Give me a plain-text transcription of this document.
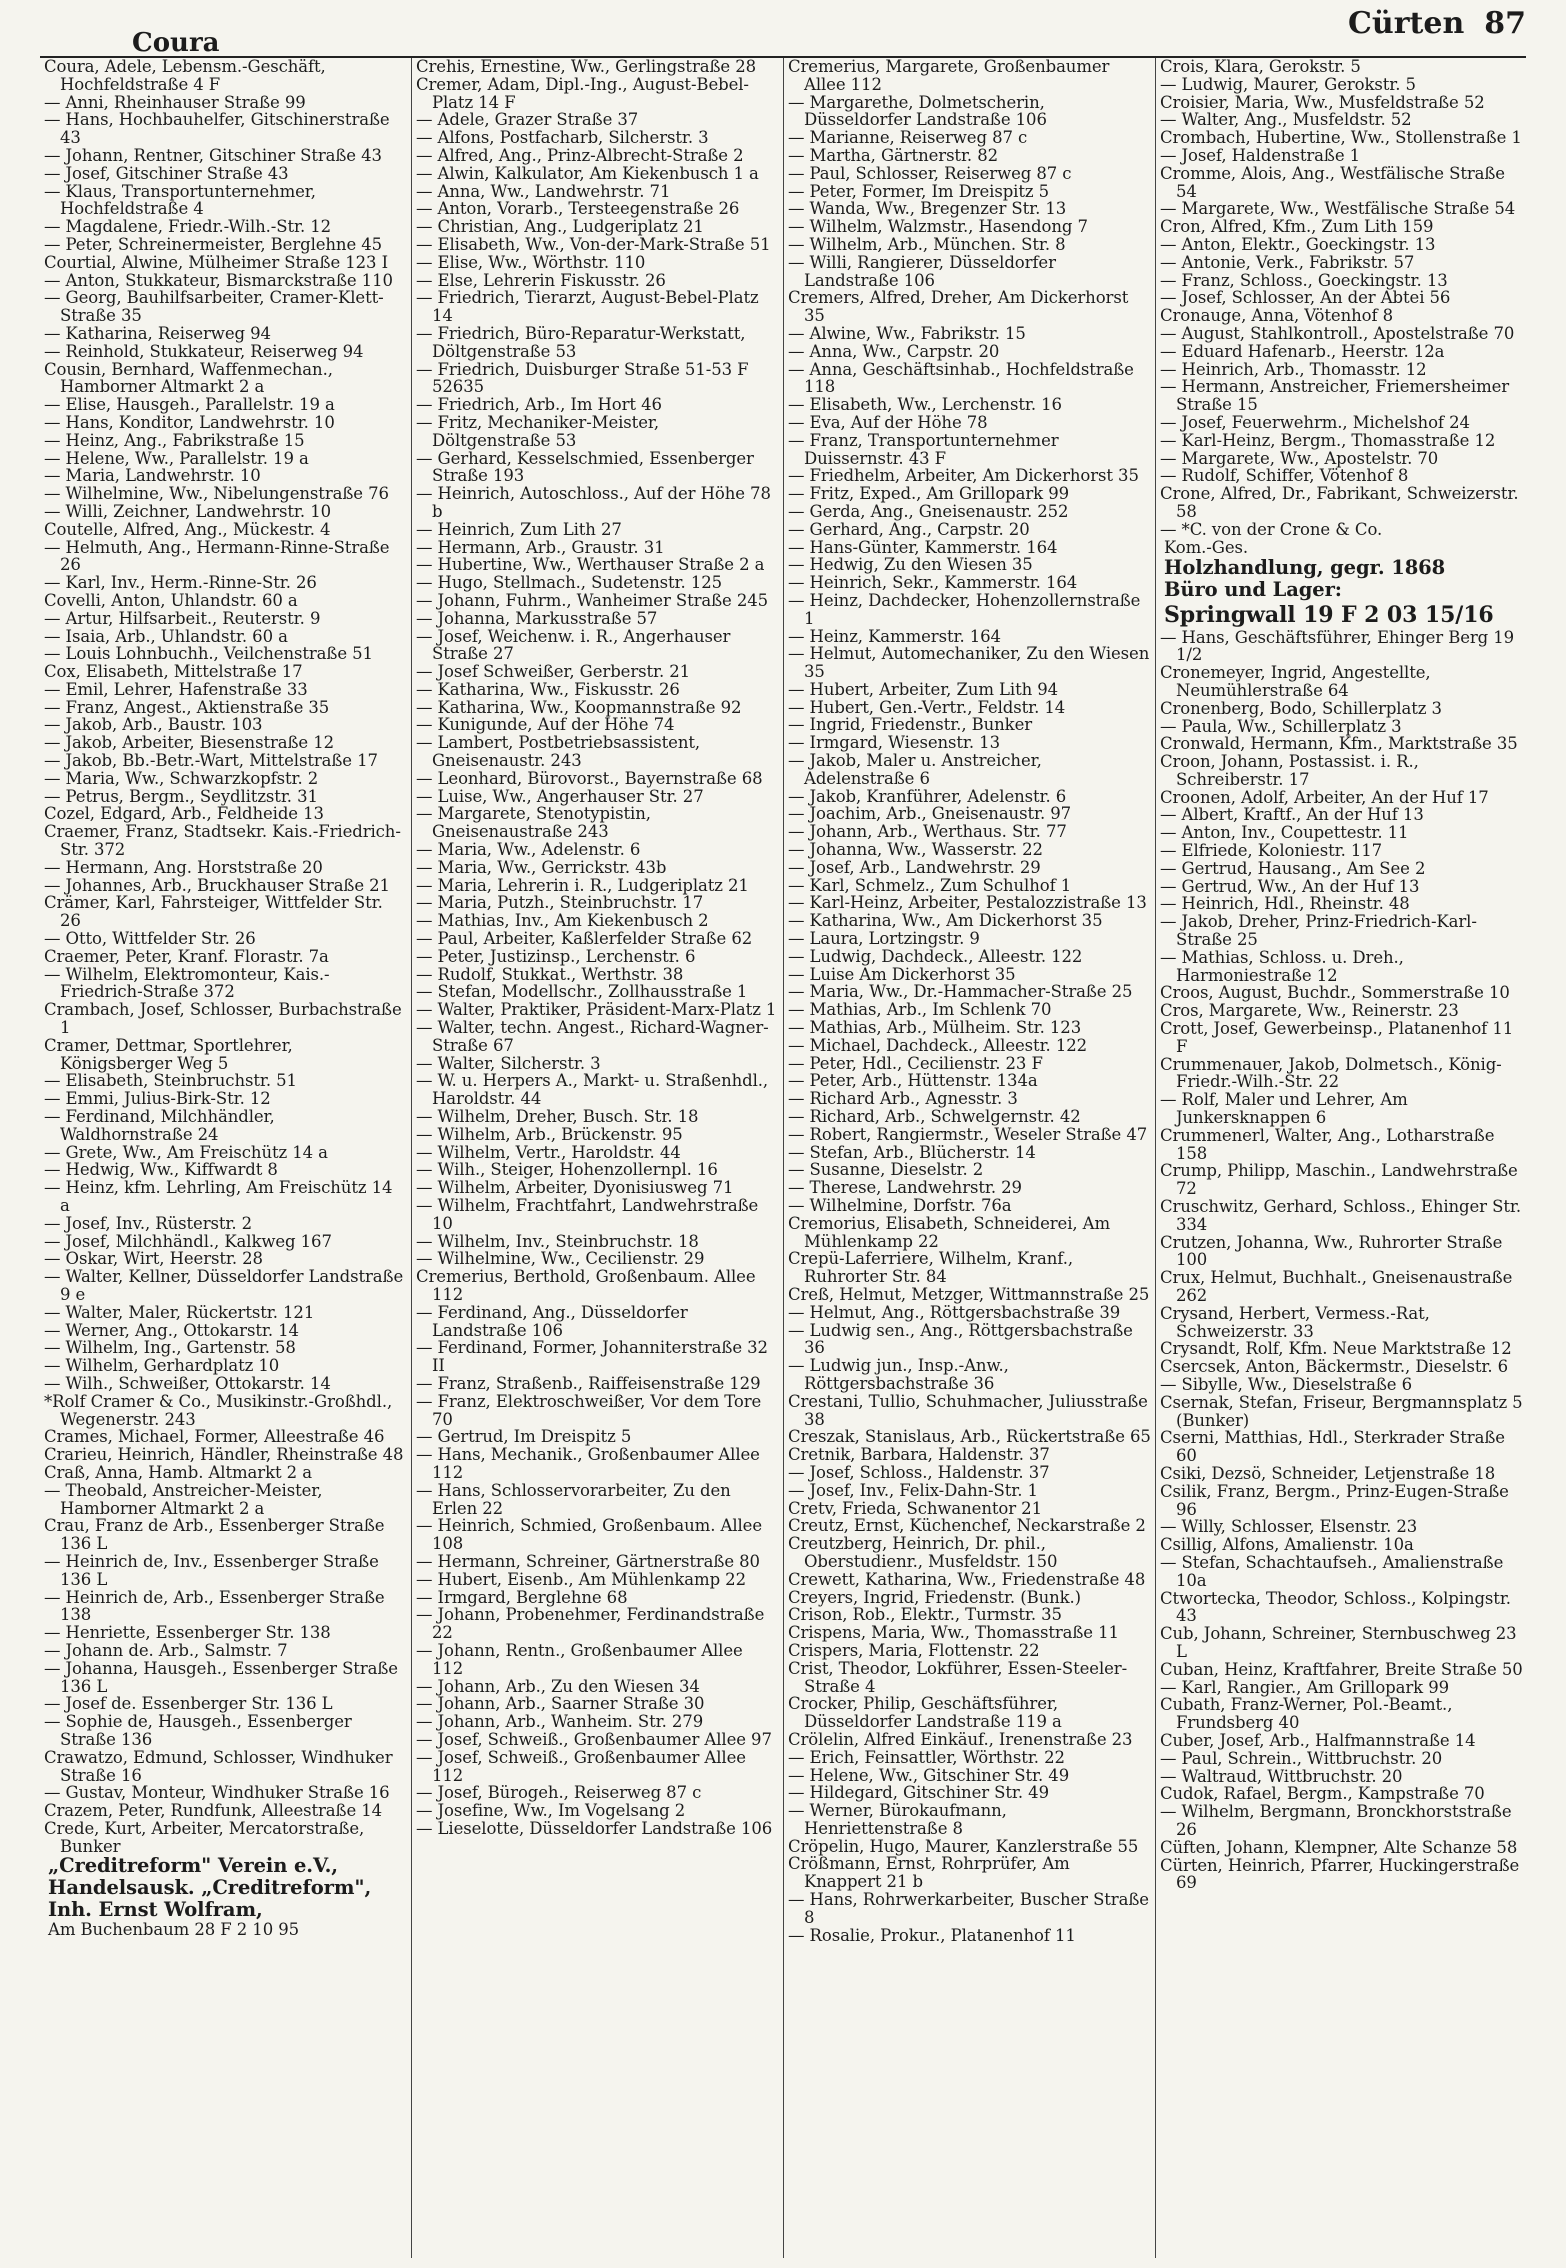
Coura
Cürten 87
Coura, Adele, Lebensm.-Geschäft, Hochfeldstraße 4 F
— Anni, Rheinhauser Straße 99
— Hans, Hochbauhelfer, Gitschinerstraße 43
— Johann, Rentner, Gitschiner Straße 43
— Josef, Gitschiner Straße 43
— Klaus, Transportunternehmer, Hochfeldstraße 4
— Magdalene, Friedr.-Wilh.-Str. 12
— Peter, Schreinermeister, Berglehne 45
Courtial, Alwine, Mülheimer Straße 123 I
— Anton, Stukkateur, Bismarckstraße 110
— Georg, Bauhilfsarbeiter, Cramer-Klett-Straße 35
— Katharina, Reiserweg 94
— Reinhold, Stukkateur, Reiserweg 94
Cousin, Bernhard, Waffenmechan., Hamborner Altmarkt 2 a
— Elise, Hausgeh., Parallelstr. 19 a
— Hans, Konditor, Landwehrstr. 10
— Heinz, Ang., Fabrikstraße 15
— Helene, Ww., Parallelstr. 19 a
— Maria, Landwehrstr. 10
— Wilhelmine, Ww., Nibelungenstraße 76
— Willi, Zeichner, Landwehrstr. 10
Coutelle, Alfred, Ang., Mückestr. 4
— Helmuth, Ang., Hermann-Rinne-Straße 26
— Karl, Inv., Herm.-Rinne-Str. 26
Covelli, Anton, Uhlandstr. 60 a
— Artur, Hilfsarbeit., Reuterstr. 9
— Isaia, Arb., Uhlandstr. 60 a
— Louis Lohnbuchh., Veilchenstraße 51
Cox, Elisabeth, Mittelstraße 17
— Emil, Lehrer, Hafenstraße 33
— Franz, Angest., Aktienstraße 35
— Jakob, Arb., Baustr. 103
— Jakob, Arbeiter, Biesenstraße 12
— Jakob, Bb.-Betr.-Wart, Mittelstraße 17
— Maria, Ww., Schwarzkopfstr. 2
— Petrus, Bergm., Seydlitzstr. 31
Cozel, Edgard, Arb., Feldheide 13
Craemer, Franz, Stadtsekr. Kais.-Friedrich-Str. 372
— Hermann, Ang. Horststraße 20
— Johannes, Arb., Bruckhauser Straße 21
Crämer, Karl, Fahrsteiger, Wittfelder Str. 26
— Otto, Wittfelder Str. 26
Craemer, Peter, Kranf. Florastr. 7a
— Wilhelm, Elektromonteur, Kais.-Friedrich-Straße 372
Crambach, Josef, Schlosser, Burbachstraße 1
Cramer, Dettmar, Sportlehrer, Königsberger Weg 5
— Elisabeth, Steinbruchstr. 51
— Emmi, Julius-Birk-Str. 12
— Ferdinand, Milchhändler, Waldhornstraße 24
— Grete, Ww., Am Freischütz 14 a
— Hedwig, Ww., Kiffwardt 8
— Heinz, kfm. Lehrling, Am Freischütz 14 a
— Josef, Inv., Rüsterstr. 2
— Josef, Milchhändl., Kalkweg 167
— Oskar, Wirt, Heerstr. 28
— Walter, Kellner, Düsseldorfer Landstraße 9 e
— Walter, Maler, Rückertstr. 121
— Werner, Ang., Ottokarstr. 14
— Wilhelm, Ing., Gartenstr. 58
— Wilhelm, Gerhardplatz 10
— Wilh., Schweißer, Ottokarstr. 14
*Rolf Cramer & Co., Musikinstr.-Großhdl., Wegenerstr. 243
Crames, Michael, Former, Alleestraße 46
Crarieu, Heinrich, Händler, Rheinstraße 48
Craß, Anna, Hamb. Altmarkt 2 a
— Theobald, Anstreicher-Meister, Hamborner Altmarkt 2 a
Crau, Franz de Arb., Essenberger Straße 136 L
— Heinrich de, Inv., Essenberger Straße 136 L
— Heinrich de, Arb., Essenberger Straße 138
— Henriette, Essenberger Str. 138
— Johann de. Arb., Salmstr. 7
— Johanna, Hausgeh., Essenberger Straße 136 L
— Josef de. Essenberger Str. 136 L
— Sophie de, Hausgeh., Essenberger Straße 136
Crawatzo, Edmund, Schlosser, Windhuker Straße 16
— Gustav, Monteur, Windhuker Straße 16
Crazem, Peter, Rundfunk, Alleestraße 14
Crede, Kurt, Arbeiter, Mercatorstraße, Bunker
„Creditreform" Verein e.V.,
Handelsausk. „Creditreform",
Inh. Ernst Wolfram,
Am Buchenbaum 28 F 2 10 95
Crehis, Ernestine, Ww., Gerlingstraße 28
Cremer, Adam, Dipl.-Ing., August-Bebel-Platz 14 F
— Adele, Grazer Straße 37
— Alfons, Postfacharb, Silcherstr. 3
— Alfred, Ang., Prinz-Albrecht-Straße 2
— Alwin, Kalkulator, Am Kiekenbusch 1 a
— Anna, Ww., Landwehrstr. 71
— Anton, Vorarb., Tersteegenstraße 26
— Christian, Ang., Ludgeriplatz 21
— Elisabeth, Ww., Von-der-Mark-Straße 51
— Elise, Ww., Wörthstr. 110
— Else, Lehrerin Fiskusstr. 26
— Friedrich, Tierarzt, August-Bebel-Platz 14
— Friedrich, Büro-Reparatur-Werkstatt, Döltgenstraße 53
— Friedrich, Duisburger Straße 51-53 F 52635
— Friedrich, Arb., Im Hort 46
— Fritz, Mechaniker-Meister, Döltgenstraße 53
— Gerhard, Kesselschmied, Essenberger Straße 193
— Heinrich, Autoschloss., Auf der Höhe 78 b
— Heinrich, Zum Lith 27
— Hermann, Arb., Graustr. 31
— Hubertine, Ww., Werthauser Straße 2 a
— Hugo, Stellmach., Sudetenstr. 125
— Johann, Fuhrm., Wanheimer Straße 245
— Johanna, Markusstraße 57
— Josef, Weichenw. i. R., Angerhauser Straße 27
— Josef Schweißer, Gerberstr. 21
— Katharina, Ww., Fiskusstr. 26
— Katharina, Ww., Koopmannstraße 92
— Kunigunde, Auf der Höhe 74
— Lambert, Postbetriebsassistent, Gneisenaustr. 243
— Leonhard, Bürovorst., Bayernstraße 68
— Luise, Ww., Angerhauser Str. 27
— Margarete, Stenotypistin, Gneisenaustraße 243
— Maria, Ww., Adelenstr. 6
— Maria, Ww., Gerrickstr. 43b
— Maria, Lehrerin i. R., Ludgeriplatz 21
— Maria, Putzh., Steinbruchstr. 17
— Mathias, Inv., Am Kiekenbusch 2
— Paul, Arbeiter, Kaßlerfelder Straße 62
— Peter, Justizinsp., Lerchenstr. 6
— Rudolf, Stukkat., Werthstr. 38
— Stefan, Modellschr., Zollhausstraße 1
— Walter, Praktiker, Präsident-Marx-Platz 1
— Walter, techn. Angest., Richard-Wagner-Straße 67
— Walter, Silcherstr. 3
— W. u. Herpers A., Markt- u. Straßenhdl., Haroldstr. 44
— Wilhelm, Dreher, Busch. Str. 18
— Wilhelm, Arb., Brückenstr. 95
— Wilhelm, Vertr., Haroldstr. 44
— Wilh., Steiger, Hohenzollernpl. 16
— Wilhelm, Arbeiter, Dyonisiusweg 71
— Wilhelm, Frachtfahrt, Landwehrstraße 10
— Wilhelm, Inv., Steinbruchstr. 18
— Wilhelmine, Ww., Cecilienstr. 29
Cremerius, Berthold, Großenbaum. Allee 112
— Ferdinand, Ang., Düsseldorfer Landstraße 106
— Ferdinand, Former, Johanniterstraße 32 II
— Franz, Straßenb., Raiffeisenstraße 129
— Franz, Elektroschweißer, Vor dem Tore 70
— Gertrud, Im Dreispitz 5
— Hans, Mechanik., Großenbaumer Allee 112
— Hans, Schlosservorarbeiter, Zu den Erlen 22
— Heinrich, Schmied, Großenbaum. Allee 108
— Hermann, Schreiner, Gärtnerstraße 80
— Hubert, Eisenb., Am Mühlenkamp 22
— Irmgard, Berglehne 68
— Johann, Probenehmer, Ferdinandstraße 22
— Johann, Rentn., Großenbaumer Allee 112
— Johann, Arb., Zu den Wiesen 34
— Johann, Arb., Saarner Straße 30
— Johann, Arb., Wanheim. Str. 279
— Josef, Schweiß., Großenbaumer Allee 97
— Josef, Schweiß., Großenbaumer Allee 112
— Josef, Bürogeh., Reiserweg 87 c
— Josefine, Ww., Im Vogelsang 2
— Lieselotte, Düsseldorfer Landstraße 106
Cremerius, Margarete, Großenbaumer Allee 112
— Margarethe, Dolmetscherin, Düsseldorfer Landstraße 106
— Marianne, Reiserweg 87 c
— Martha, Gärtnerstr. 82
— Paul, Schlosser, Reiserweg 87 c
— Peter, Former, Im Dreispitz 5
— Wanda, Ww., Bregenzer Str. 13
— Wilhelm, Walzmstr., Hasendong 7
— Wilhelm, Arb., München. Str. 8
— Willi, Rangierer, Düsseldorfer Landstraße 106
Cremers, Alfred, Dreher, Am Dickerhorst 35
— Alwine, Ww., Fabrikstr. 15
— Anna, Ww., Carpstr. 20
— Anna, Geschäftsinhab., Hochfeldstraße 118
— Elisabeth, Ww., Lerchenstr. 16
— Eva, Auf der Höhe 78
— Franz, Transportunternehmer Duissernstr. 43 F
— Friedhelm, Arbeiter, Am Dickerhorst 35
— Fritz, Exped., Am Grillopark 99
— Gerda, Ang., Gneisenaustr. 252
— Gerhard, Ang., Carpstr. 20
— Hans-Günter, Kammerstr. 164
— Hedwig, Zu den Wiesen 35
— Heinrich, Sekr., Kammerstr. 164
— Heinz, Dachdecker, Hohenzollernstraße 1
— Heinz, Kammerstr. 164
— Helmut, Automechaniker, Zu den Wiesen 35
— Hubert, Arbeiter, Zum Lith 94
— Hubert, Gen.-Vertr., Feldstr. 14
— Ingrid, Friedenstr., Bunker
— Irmgard, Wiesenstr. 13
— Jakob, Maler u. Anstreicher, Adelenstraße 6
— Jakob, Kranführer, Adelenstr. 6
— Joachim, Arb., Gneisenaustr. 97
— Johann, Arb., Werthaus. Str. 77
— Johanna, Ww., Wasserstr. 22
— Josef, Arb., Landwehrstr. 29
— Karl, Schmelz., Zum Schulhof 1
— Karl-Heinz, Arbeiter, Pestalozzistraße 13
— Katharina, Ww., Am Dickerhorst 35
— Laura, Lortzingstr. 9
— Ludwig, Dachdeck., Alleestr. 122
— Luise Am Dickerhorst 35
— Maria, Ww., Dr.-Hammacher-Straße 25
— Mathias, Arb., Im Schlenk 70
— Mathias, Arb., Mülheim. Str. 123
— Michael, Dachdeck., Alleestr. 122
— Peter, Hdl., Cecilienstr. 23 F
— Peter, Arb., Hüttenstr. 134a
— Richard Arb., Agnesstr. 3
— Richard, Arb., Schwelgernstr. 42
— Robert, Rangiermstr., Weseler Straße 47
— Stefan, Arb., Blücherstr. 14
— Susanne, Dieselstr. 2
— Therese, Landwehrstr. 29
— Wilhelmine, Dorfstr. 76a
Cremorius, Elisabeth, Schneiderei, Am Mühlenkamp 22
Crepü-Laferriere, Wilhelm, Kranf., Ruhrorter Str. 84
Creß, Helmut, Metzger, Wittmannstraße 25
— Helmut, Ang., Röttgersbachstraße 39
— Ludwig sen., Ang., Röttgersbachstraße 36
— Ludwig jun., Insp.-Anw., Röttgersbachstraße 36
Crestani, Tullio, Schuhmacher, Juliusstraße 38
Creszak, Stanislaus, Arb., Rückertstraße 65
Cretnik, Barbara, Haldenstr. 37
— Josef, Schloss., Haldenstr. 37
— Josef, Inv., Felix-Dahn-Str. 1
Cretv, Frieda, Schwanentor 21
Creutz, Ernst, Küchenchef, Neckarstraße 2
Creutzberg, Heinrich, Dr. phil., Oberstudienr., Musfeldstr. 150
Crewett, Katharina, Ww., Friedenstraße 48
Creyers, Ingrid, Friedenstr. (Bunk.)
Crison, Rob., Elektr., Turmstr. 35
Crispens, Maria, Ww., Thomasstraße 11
Crispers, Maria, Flottenstr. 22
Crist, Theodor, Lokführer, Essen-Steeler-Straße 4
Crocker, Philip, Geschäftsführer, Düsseldorfer Landstraße 119 a
Crölelin, Alfred Einkäuf., Irenenstraße 23
— Erich, Feinsattler, Wörthstr. 22
— Helene, Ww., Gitschiner Str. 49
— Hildegard, Gitschiner Str. 49
— Werner, Bürokaufmann, Henriettenstraße 8
Cröpelin, Hugo, Maurer, Kanzlerstraße 55
Crößmann, Ernst, Rohrprüfer, Am Knappert 21 b
— Hans, Rohrwerkarbeiter, Buscher Straße 8
— Rosalie, Prokur., Platanenhof 11
Crois, Klara, Gerokstr. 5
— Ludwig, Maurer, Gerokstr. 5
Croisier, Maria, Ww., Musfeldstraße 52
— Walter, Ang., Musfeldstr. 52
Crombach, Hubertine, Ww., Stollenstraße 1
— Josef, Haldenstraße 1
Cromme, Alois, Ang., Westfälische Straße 54
— Margarete, Ww., Westfälische Straße 54
Cron, Alfred, Kfm., Zum Lith 159
— Anton, Elektr., Goeckingstr. 13
— Antonie, Verk., Fabrikstr. 57
— Franz, Schloss., Goeckingstr. 13
— Josef, Schlosser, An der Abtei 56
Cronauge, Anna, Vötenhof 8
— August, Stahlkontroll., Apostelstraße 70
— Eduard Hafenarb., Heerstr. 12a
— Heinrich, Arb., Thomasstr. 12
— Hermann, Anstreicher, Friemersheimer Straße 15
— Josef, Feuerwehrm., Michelshof 24
— Karl-Heinz, Bergm., Thomasstraße 12
— Margarete, Ww., Apostelstr. 70
— Rudolf, Schiffer, Vötenhof 8
Crone, Alfred, Dr., Fabrikant, Schweizerstr. 58
— *C. von der Crone & Co.
Kom.-Ges.
Holzhandlung, gegr. 1868
Büro und Lager:
Springwall 19 F 2 03 15/16
— Hans, Geschäftsführer, Ehinger Berg 19 1/2
Cronemeyer, Ingrid, Angestellte, Neumühlerstraße 64
Cronenberg, Bodo, Schillerplatz 3
— Paula, Ww., Schillerplatz 3
Cronwald, Hermann, Kfm., Marktstraße 35
Croon, Johann, Postassist. i. R., Schreiberstr. 17
Croonen, Adolf, Arbeiter, An der Huf 17
— Albert, Kraftf., An der Huf 13
— Anton, Inv., Coupettestr. 11
— Elfriede, Koloniestr. 117
— Gertrud, Hausang., Am See 2
— Gertrud, Ww., An der Huf 13
— Heinrich, Hdl., Rheinstr. 48
— Jakob, Dreher, Prinz-Friedrich-Karl-Straße 25
— Mathias, Schloss. u. Dreh., Harmoniestraße 12
Croos, August, Buchdr., Sommerstraße 10
Cros, Margarete, Ww., Reinerstr. 23
Crott, Josef, Gewerbeinsp., Platanenhof 11 F
Crummenauer, Jakob, Dolmetsch., König-Friedr.-Wilh.-Str. 22
— Rolf, Maler und Lehrer, Am Junkersknappen 6
Crummenerl, Walter, Ang., Lotharstraße 158
Crump, Philipp, Maschin., Landwehrstraße 72
Cruschwitz, Gerhard, Schloss., Ehinger Str. 334
Crutzen, Johanna, Ww., Ruhrorter Straße 100
Crux, Helmut, Buchhalt., Gneisenaustraße 262
Crysand, Herbert, Vermess.-Rat, Schweizerstr. 33
Crysandt, Rolf, Kfm. Neue Marktstraße 12
Csercsek, Anton, Bäckermstr., Dieselstr. 6
— Sibylle, Ww., Dieselstraße 6
Csernak, Stefan, Friseur, Bergmannsplatz 5 (Bunker)
Cserni, Matthias, Hdl., Sterkrader Straße 60
Csiki, Dezsö, Schneider, Letjenstraße 18
Csilik, Franz, Bergm., Prinz-Eugen-Straße 96
— Willy, Schlosser, Elsenstr. 23
Csillig, Alfons, Amalienstr. 10a
— Stefan, Schachtaufseh., Amalienstraße 10a
Ctwortecka, Theodor, Schloss., Kolpingstr. 43
Cub, Johann, Schreiner, Sternbuschweg 23 L
Cuban, Heinz, Kraftfahrer, Breite Straße 50
— Karl, Rangier., Am Grillopark 99
Cubath, Franz-Werner, Pol.-Beamt., Frundsberg 40
Cuber, Josef, Arb., Halfmannstraße 14
— Paul, Schrein., Wittbruchstr. 20
— Waltraud, Wittbruchstr. 20
Cudok, Rafael, Bergm., Kampstraße 70
— Wilhelm, Bergmann, Bronckhorststraße 26
Cüften, Johann, Klempner, Alte Schanze 58
Cürten, Heinrich, Pfarrer, Huckingerstraße 69
